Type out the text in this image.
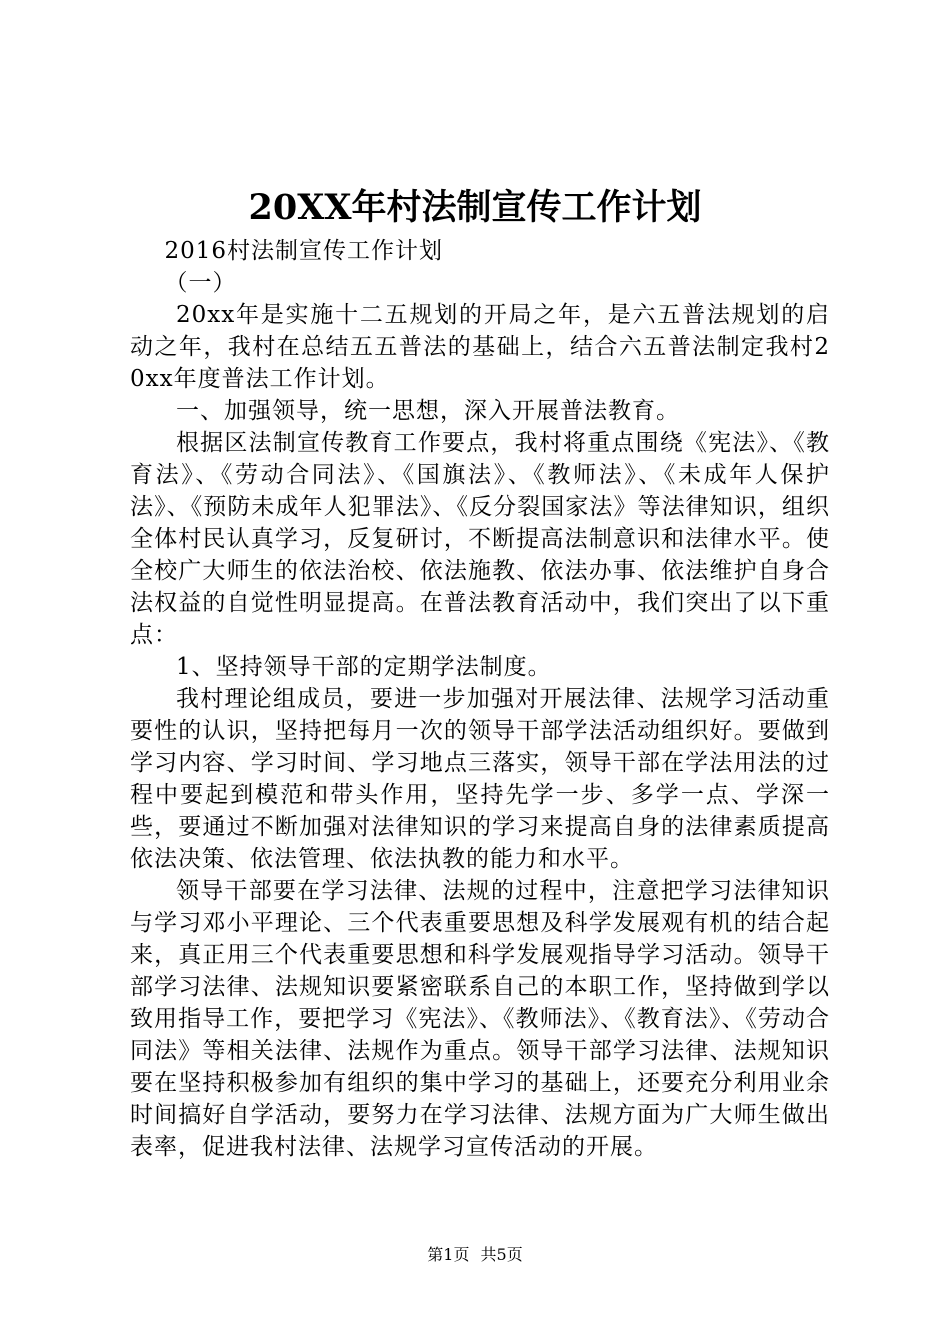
20XX年村法制宣传工作计划

2016村法制宣传工作计划

（一）

20xx年是实施十二五规划的开局之年，是六五普法规划的启动之年，我村在总结五五普法的基础上，结合六五普法制定我村20xx年度普法工作计划。

一、加强领导，统一思想，深入开展普法教育。

根据区法制宣传教育工作要点，我村将重点围绕《宪法》、《教育法》、《劳动合同法》、《国旗法》、《教师法》、《未成年人保护法》、《预防未成年人犯罪法》、《反分裂国家法》等法律知识，组织全体村民认真学习，反复研讨，不断提高法制意识和法律水平。使全校广大师生的依法治校、依法施教、依法办事、依法维护自身合法权益的自觉性明显提高。在普法教育活动中，我们突出了以下重点：

1、坚持领导干部的定期学法制度。

我村理论组成员，要进一步加强对开展法律、法规学习活动重要性的认识，坚持把每月一次的领导干部学法活动组织好。要做到学习内容、学习时间、学习地点三落实，领导干部在学法用法的过程中要起到模范和带头作用，坚持先学一步、多学一点、学深一些，要通过不断加强对法律知识的学习来提高自身的法律素质提高依法决策、依法管理、依法执教的能力和水平。

领导干部要在学习法律、法规的过程中，注意把学习法律知识与学习邓小平理论、三个代表重要思想及科学发展观有机的结合起来，真正用三个代表重要思想和科学发展观指导学习活动。领导干部学习法律、法规知识要紧密联系自己的本职工作，坚持做到学以致用指导工作，要把学习《宪法》、《教师法》、《教育法》、《劳动合同法》等相关法律、法规作为重点。领导干部学习法律、法规知识要在坚持积极参加有组织的集中学习的基础上，还要充分利用业余时间搞好自学活动，要努力在学习法律、法规方面为广大师生做出表率，促进我村法律、法规学习宣传活动的开展。

第1页 共5页
